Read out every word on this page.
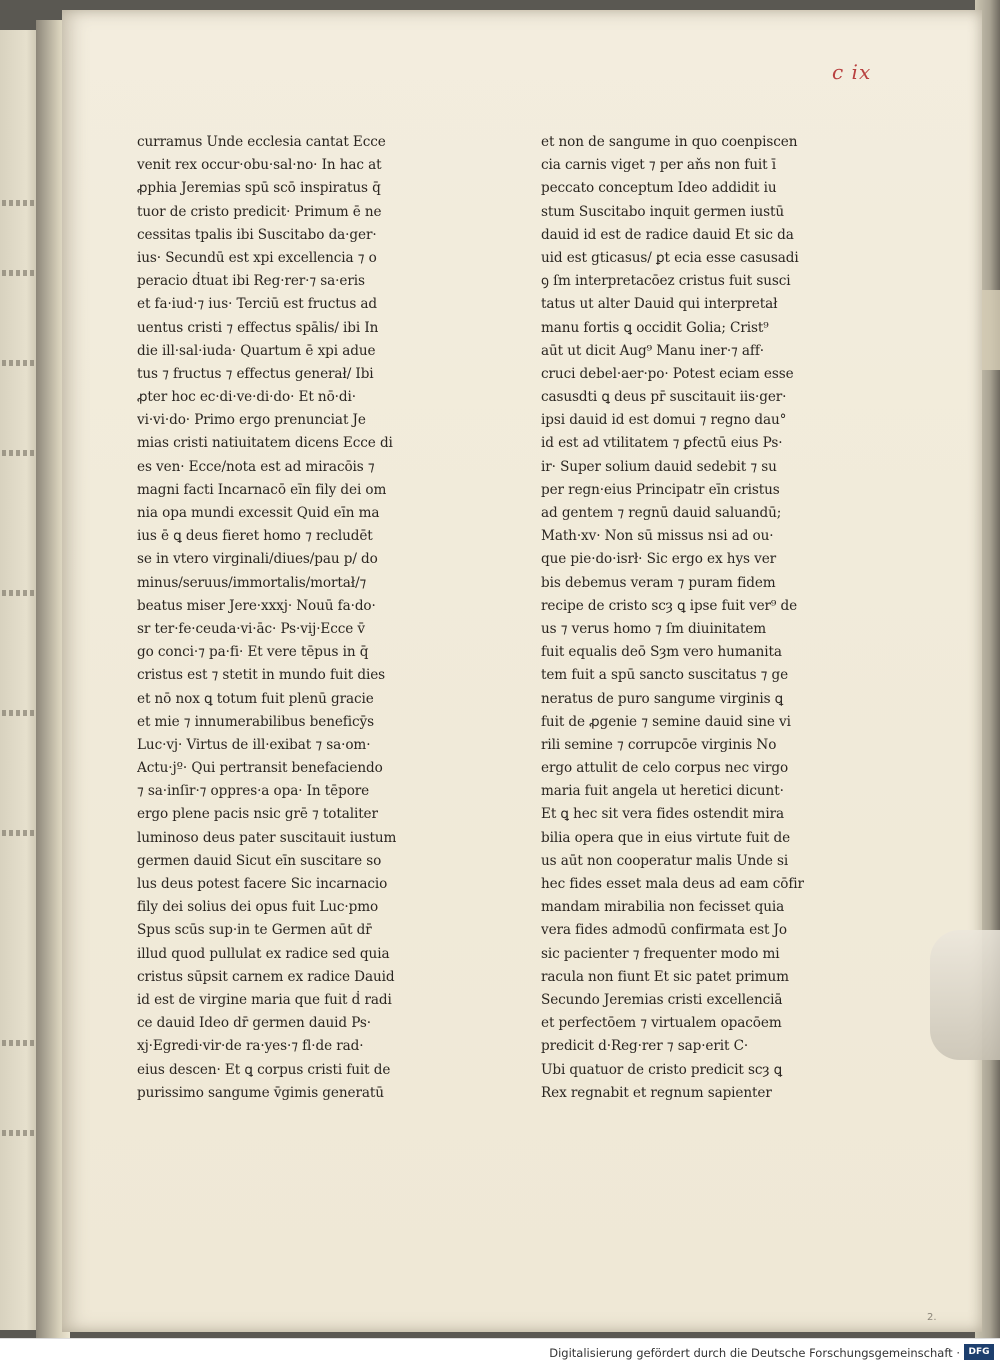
c ix
curramus Unde ecclesia cantat Ecce
venit rex occur·obu·sal·no· In hac at
ꝓphia Jeremias spū scō inspiratus q̄
tuor de cristo predicit· Primum ē ne
cessitas tpalis ibi Suscitabo da·ger·
ius· Secundū est xpi excellencia ⁊ o
peracio ḋtuat ibi Reg·rer·⁊ sa·eris
et fa·iud·⁊ ius· Terciū est fructus ad
uentus cristi ⁊ effectus spālis/ ibi In
die ill·sal·iuda· Quartum ē xpi adue
tus ⁊ fructus ⁊ effectus generał/ Ibi
ꝓter hoc ec·di·ve·di·do· Et nō·di·
vi·vi·do· Primo ergo prenunciat Je
mias cristi natiuitatem dicens Ecce di
es ven· Ecce/nota est ad miracōis ⁊
magni facti Incarnacō eīn fily dei om
nia opa mundi excessit Quid eīn ma
ius ē ꝗ deus fieret homo ⁊ recludēt
se in vtero virginali/diues/pau p/ do
minus/seruus/immortalis/mortał/⁊
beatus miser Jere·xxxj· Nouū fa·do·
sr ter·fe·ceuda·vi·āc· Ps·vij·Ecce v̄
go conci·⁊ pa·fi· Et vere tēpus in q̄
cristus est ⁊ stetit in mundo fuit dies
et nō nox ꝗ totum fuit plenū gracie
et mie ⁊ innumerabilibus beneficȳs
Luc·vj· Virtus de ill·exibat ⁊ sa·om·
Actu·jº· Qui pertransit benefaciendo
⁊ sa·inſir·⁊ oppres·a opa· In tēpore
ergo plene pacis nsic grē ⁊ totaliter
luminoso deus pater suscitauit iustum
germen dauid Sicut eīn suscitare so
lus deus potest facere Sic incarnacio
fily dei solius dei opus fuit Luc·pmo
Spus scūs sup·in te Germen aūt dr̄
illud quod pullulat ex radice sed quia
cristus sūpsit carnem ex radice Dauid
id est de virgine maria que fuit ḋ radi
ce dauid Ideo dr̄ germen dauid Ps·
xj·Egredi·vir·de ra·yes·⁊ fl·de rad·
eius descen· Et ꝗ corpus cristi fuit de
purissimo sangume v̄gimis generatū
et non de sangume in quo coenpiscen
cia carnis viget ⁊ per aňs non fuit ī
peccato conceptum Ideo addidit iu
stum Suscitabo inquit germen iustū
dauid id est de radice dauid Et sic da
uid est gticasus/ ꝑt ecia esse casusadi
ꝯ ſm interpretacōez cristus fuit susci
tatus ut alter Dauid qui interpretał
manu fortis ꝗ occidit Golia; Crist⁹
aūt ut dicit Aug⁹ Manu iner·⁊ aff·
cruci debel·aer·po· Potest eciam esse
casusdti ꝗ deus pr̄ suscitauit iis·ger·
ipsi dauid id est domui ⁊ regno dau°
id est ad vtilitatem ⁊ ꝑfectū eius Ps·
ir· Super solium dauid sedebit ⁊ su
per regn·eius Principatr eīn cristus
ad gentem ⁊ regnū dauid saluandū;
Math·xv· Non sū missus nsi ad ou·
que pie·do·isrł· Sic ergo ex hys ver
bis debemus veram ⁊ puram fidem
recipe de cristo scȝ ꝗ ipse fuit ver⁹ de
us ⁊ verus homo ⁊ ſm diuinitatem
fuit equalis deō Sȝm vero humanita
tem fuit a spū sancto suscitatus ⁊ ge
neratus de puro sangume virginis ꝗ
fuit de ꝓgenie ⁊ semine dauid sine vi
rili semine ⁊ corrupcōe virginis No
ergo attulit de celo corpus nec virgo
maria fuit angela ut heretici dicunt·
Et ꝗ hec sit vera fides ostendit mira
bilia opera que in eius virtute fuit de
us aūt non cooperatur malis Unde si
hec fides esset mala deus ad eam cōfir
mandam mirabilia non fecisset quia
vera fides admodū confirmata est Jo
sic pacienter ⁊ frequenter modo mi
racula non fiunt Et sic patet primum
Secundo Jeremias cristi excellenciā
et perfectōem ⁊ virtualem opacōem
predicit d·Reg·rer ⁊ sap·erit C·
Ubi quatuor de cristo predicit scȝ ꝗ
Rex regnabit et regnum sapienter
2.
Digitalisierung gefördert durch die Deutsche Forschungsgemeinschaft · DFG
